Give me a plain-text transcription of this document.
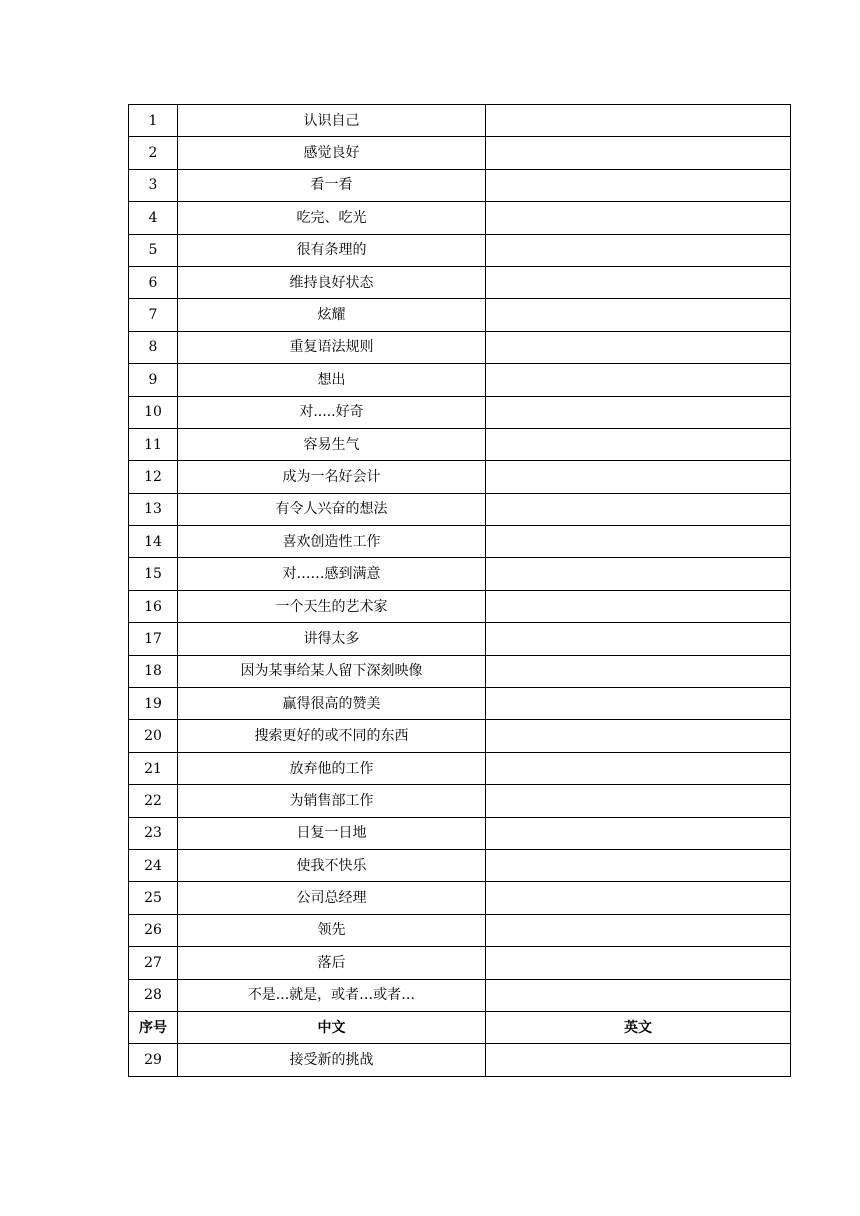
1	认识自己	
2	感觉良好	
3	看一看	
4	吃完、吃光	
5	很有条理的	
6	维持良好状态	
7	炫耀	
8	重复语法规则	
9	想出	
10	对.....好奇	
11	容易生气	
12	成为一名好会计	
13	有令人兴奋的想法	
14	喜欢创造性工作	
15	对……感到满意	
16	一个天生的艺术家	
17	讲得太多	
18	因为某事给某人留下深刻映像	
19	赢得很高的赞美	
20	搜索更好的或不同的东西	
21	放弃他的工作	
22	为销售部工作	
23	日复一日地	
24	使我不快乐	
25	公司总经理	
26	领先	
27	落后	
28	不是...就是，或者…或者…	
序号	中文	英文
29	接受新的挑战	
